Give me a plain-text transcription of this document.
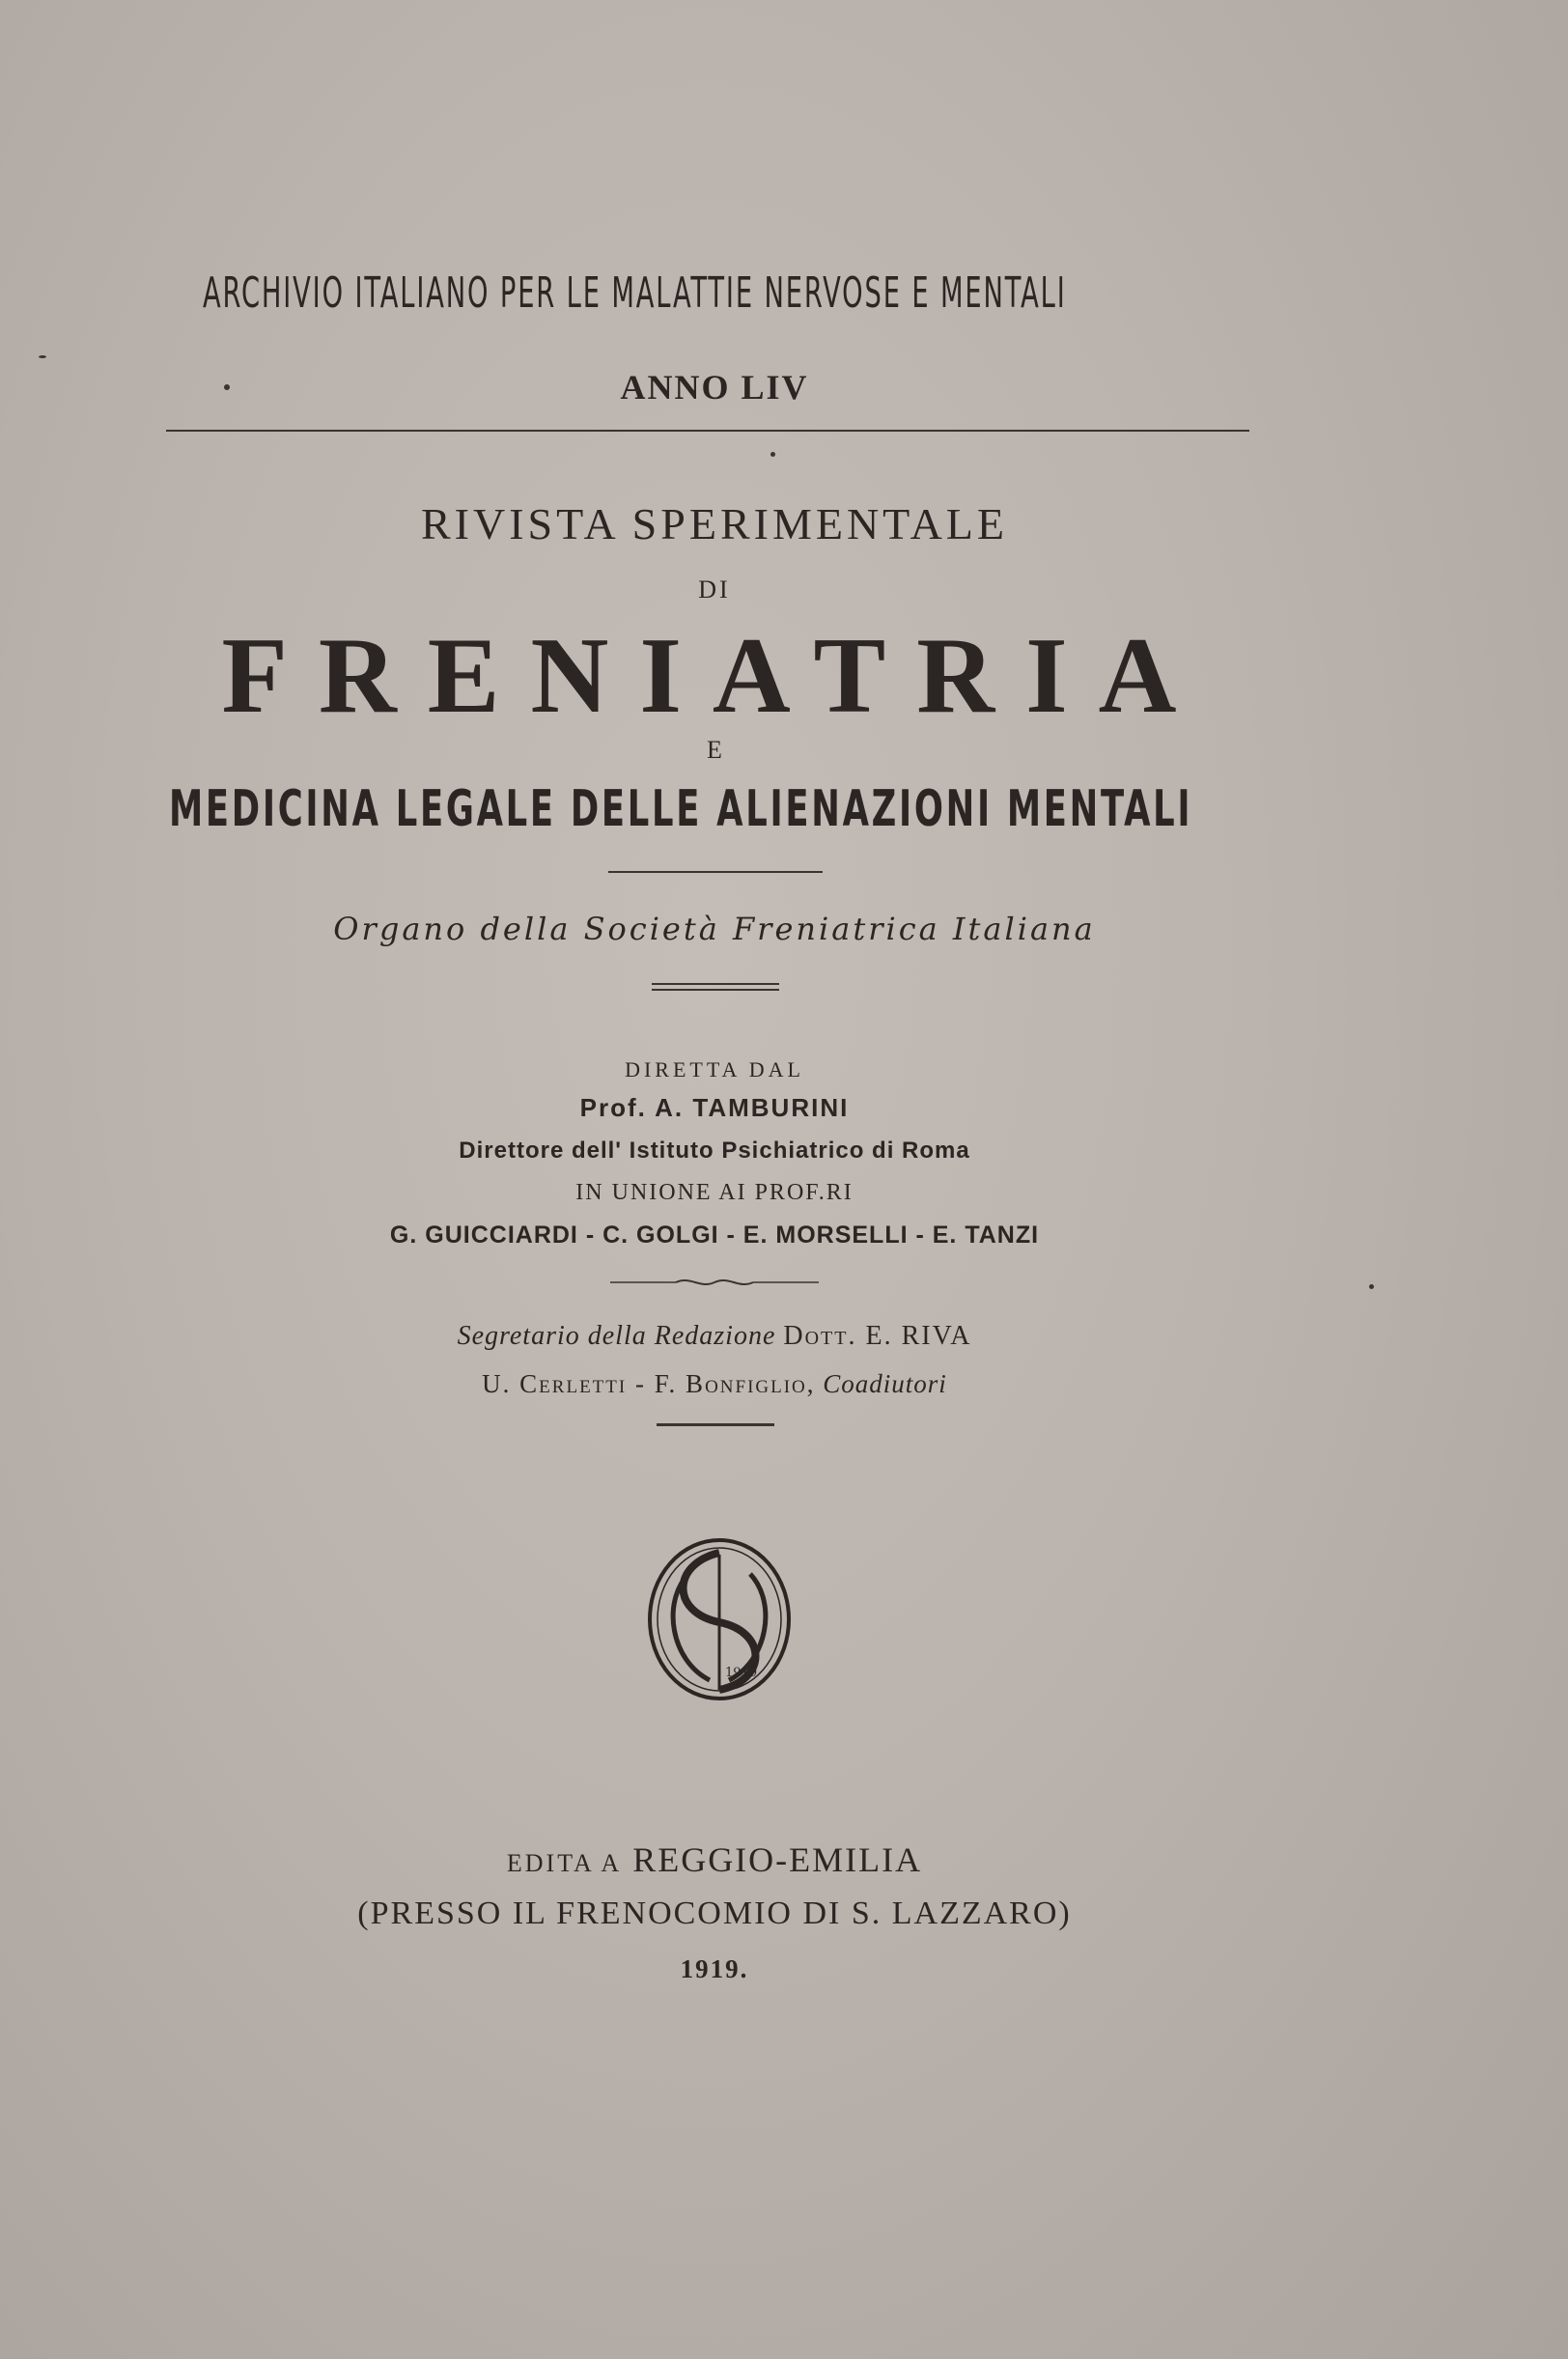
ARCHIVIO ITALIANO PER LE MALATTIE NERVOSE E MENTALI
ANNO LIV
RIVISTA SPERIMENTALE
DI
FRENIATRIA
E
MEDICINA LEGALE DELLE ALIENAZIONI MENTALI
Organo della Società Freniatrica Italiana
DIRETTA DAL
Prof. A. TAMBURINI
Direttore dell' Istituto Psichiatrico di Roma
IN UNIONE AI PROF.RI
G. GUICCIARDI - C. GOLGI - E. MORSELLI - E. TANZI
Segretario della Redazione Dott. E. RIVA
U. Cerletti - F. Bonfiglio, Coadiutori
1919
EDITA A REGGIO-EMILIA
(PRESSO IL FRENOCOMIO DI S. LAZZARO)
1919.
